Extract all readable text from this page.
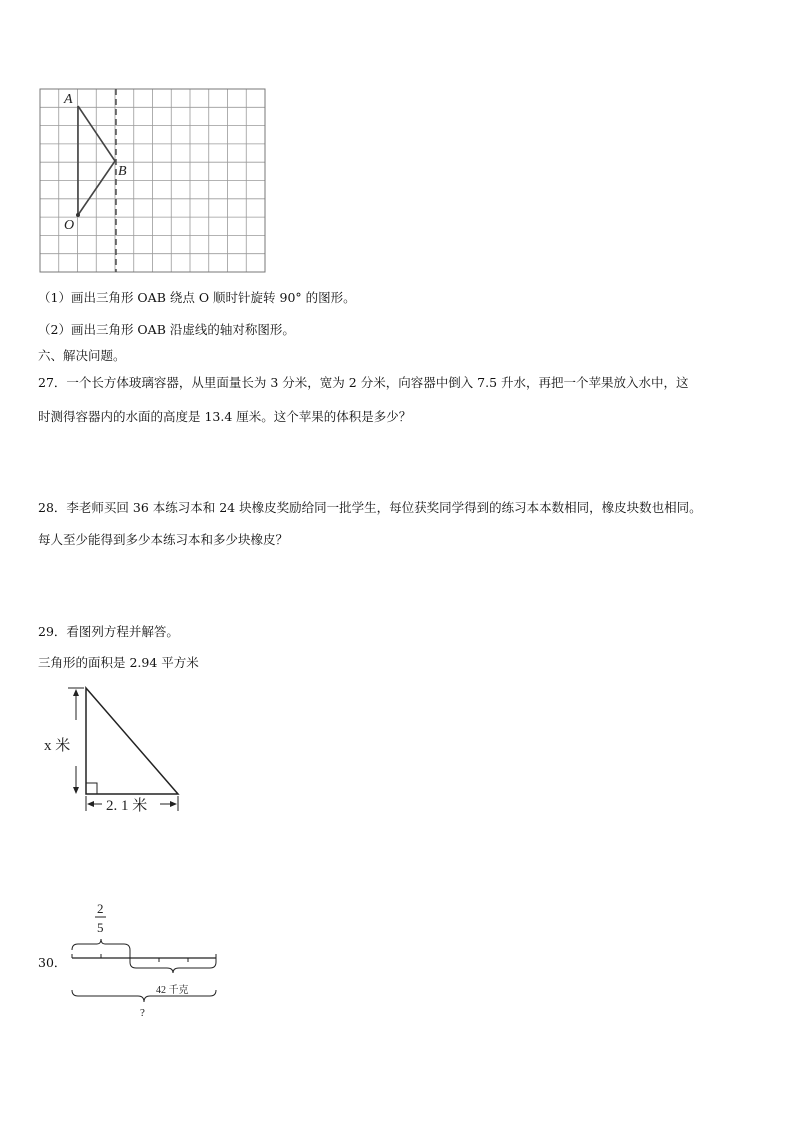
A
B
O
（1）画出三角形 OAB 绕点 O 顺时针旋转 90° 的图形。
（2）画出三角形 OAB 沿虚线的轴对称图形。
六、解决问题。
27．一个长方体玻璃容器，从里面量长为 3 分米，宽为 2 分米，向容器中倒入 7.5 升水，再把一个苹果放入水中，这
时测得容器内的水面的高度是 13.4 厘米。这个苹果的体积是多少？
28．李老师买回 36 本练习本和 24 块橡皮奖励给同一批学生，每位获奖同学得到的练习本本数相同，橡皮块数也相同。
每人至少能得到多少本练习本和多少块橡皮？
29．看图列方程并解答。
三角形的面积是 2.94 平方米
x 米
2. 1 米
30．
2
5
42 千克
?
